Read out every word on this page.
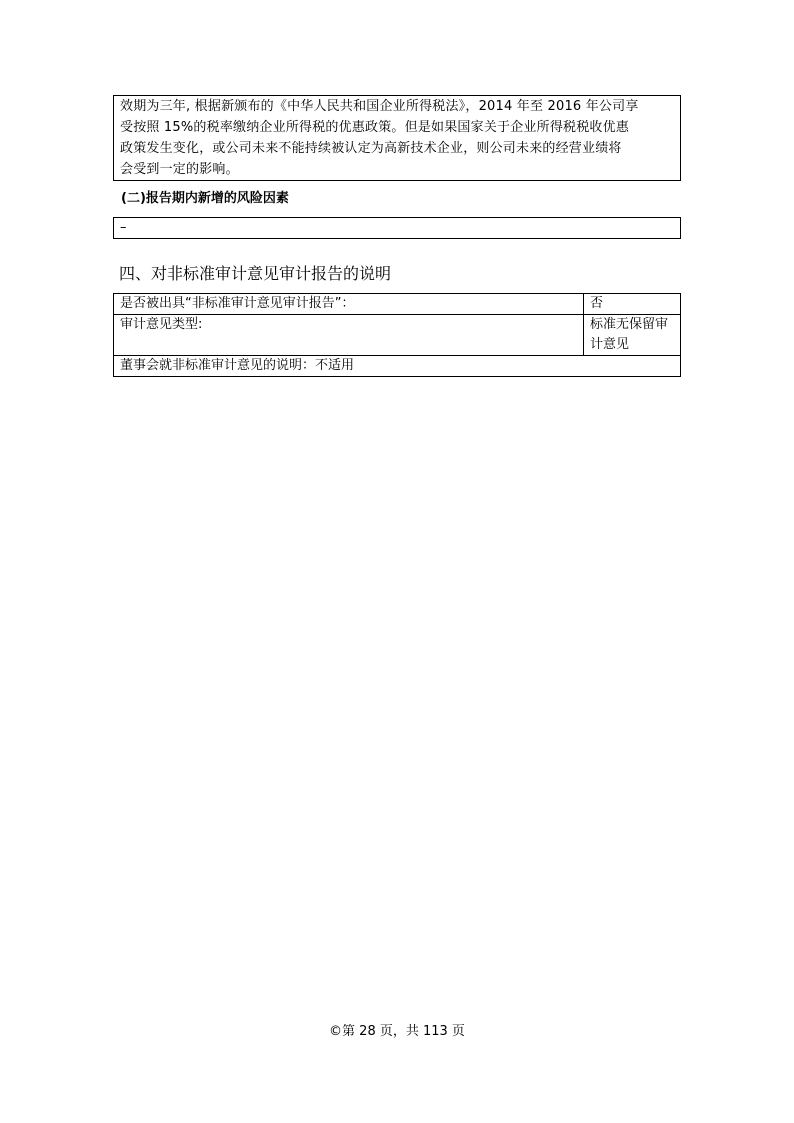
效期为三年, 根据新颁布的《中华人民共和国企业所得税法》，2014 年至 2016 年公司享

受按照 15%的税率缴纳企业所得税的优惠政策。但是如果国家关于企业所得税税收优惠

政策发生变化，或公司未来不能持续被认定为高新技术企业，则公司未来的经营业绩将

会受到一定的影响。

(二)报告期内新增的风险因素
–
四、对非标准审计意见审计报告的说明
是否被出具“非标准审计意见审计报告”：	否
审计意见类型:	标准无保留审计意见
董事会就非标准审计意见的说明：不适用	
©第 28 页，共 113 页
